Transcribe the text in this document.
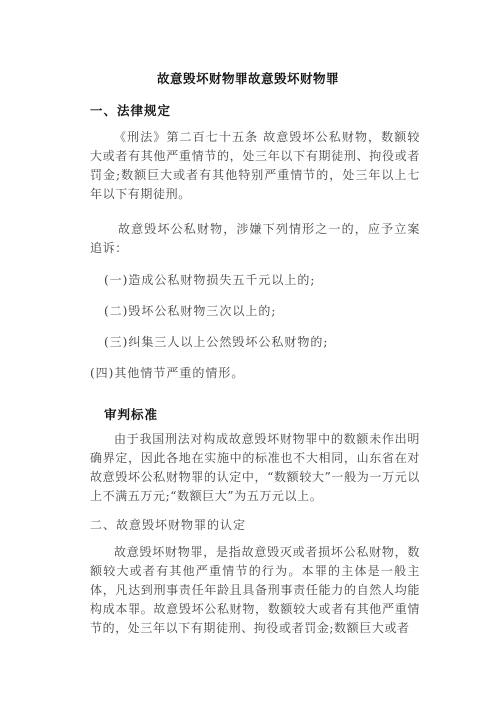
故意毁坏财物罪故意毁坏财物罪
一、法律规定

《刑法》第二百七十五条 故意毁坏公私财物，数额较大或者有其他严重情节的，处三年以下有期徒刑、拘役或者罚金;数额巨大或者有其他特别严重情节的，处三年以上七年以下有期徒刑。

故意毁坏公私财物，涉嫌下列情形之一的，应予立案追诉：

(一)造成公私财物损失五千元以上的;

(二)毁坏公私财物三次以上的;

(三)纠集三人以上公然毁坏公私财物的;

(四)其他情节严重的情形。

审判标准

由于我国刑法对构成故意毁坏财物罪中的数额未作出明确界定，因此各地在实施中的标准也不大相同，山东省在对故意毁坏公私财物罪的认定中，“数额较大”一般为一万元以上不满五万元;“数额巨大”为五万元以上。

二、故意毁坏财物罪的认定

故意毁坏财物罪，是指故意毁灭或者损坏公私财物，数额较大或者有其他严重情节的行为。本罪的主体是一般主体，凡达到刑事责任年龄且具备刑事责任能力的自然人均能构成本罪。故意毁坏公私财物，数额较大或者有其他严重情节的，处三年以下有期徒刑、拘役或者罚金;数额巨大或者
